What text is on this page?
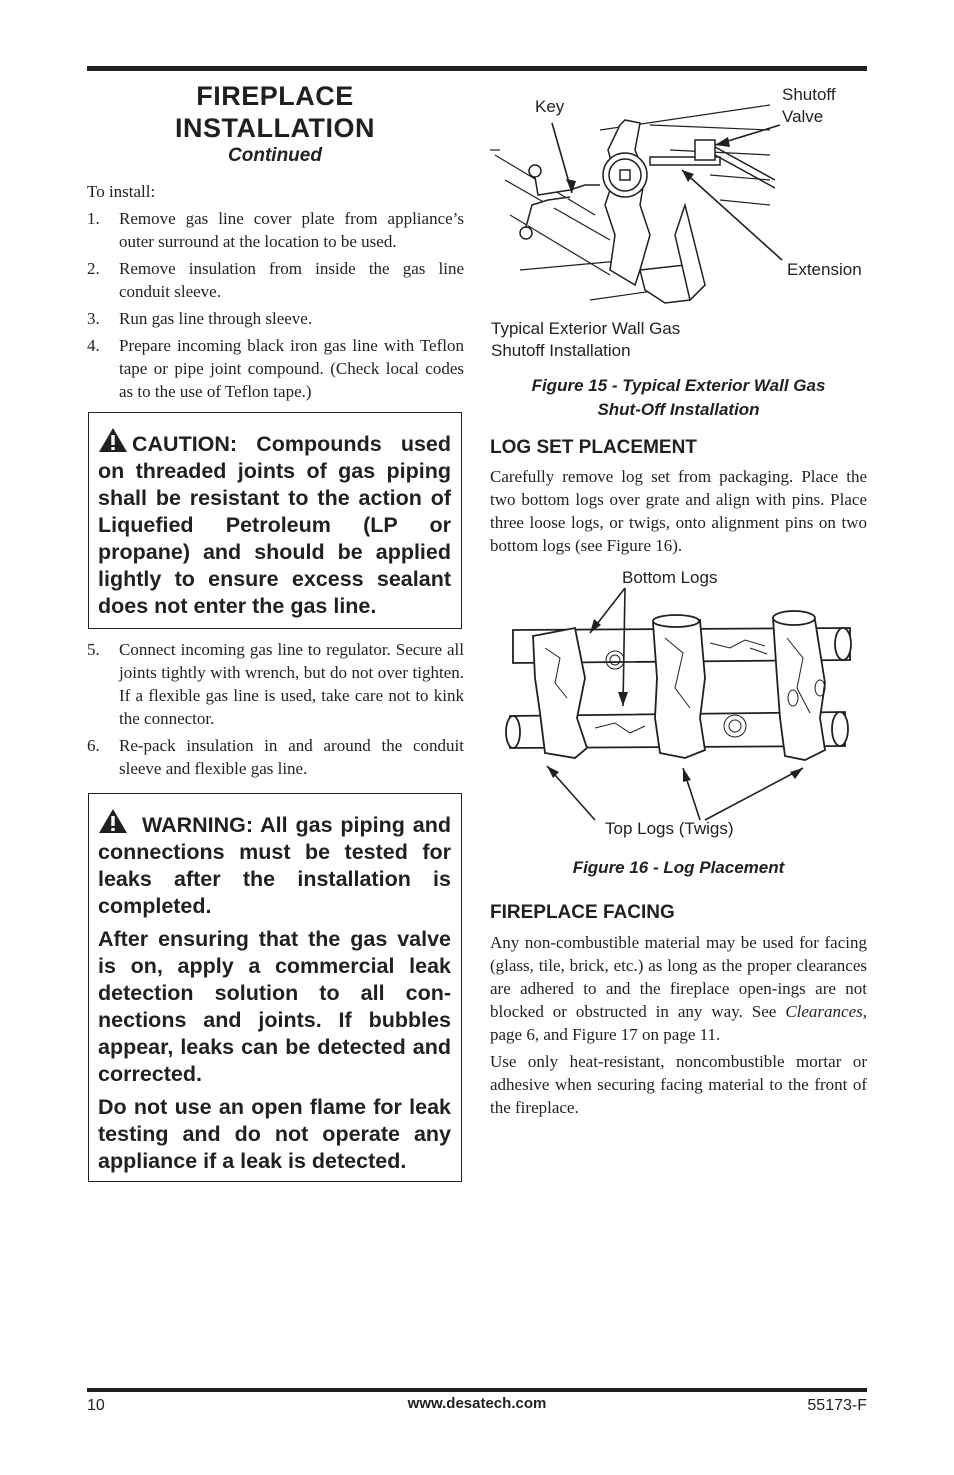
FIREPLACE
INSTALLATION
Continued
To install:
1. Remove gas line cover plate from appliance’s outer surround at the location to be used.
2. Remove insulation from inside the gas line conduit sleeve.
3. Run gas line through sleeve.
4. Prepare incoming black iron gas line with Teflon tape or pipe joint compound. (Check local codes as to the use of Teflon tape.)

CAUTION: Compounds used on threaded joints of gas piping shall be resistant to the action of Liquefied Petroleum (LP or propane) and should be applied lightly to ensure excess sealant does not enter the gas line.

5. Connect incoming gas line to regulator. Secure all joints tightly with wrench, but do not over tighten. If a flexible gas line is used, take care not to kink the connector.
6. Re-pack insulation in and around the conduit sleeve and flexible gas line.

WARNING: All gas piping and connections must be tested for leaks after the installation is completed.

After ensuring that the gas valve is on, apply a commercial leak detection solution to all con-nections and joints. If bubbles appear, leaks can be detected and corrected.

Do not use an open flame for leak testing and do not operate any appliance if a leak is detected.

Key
Shutoff
Valve
Extension
Typical Exterior Wall Gas
Shutoff Installation
Figure 15 - Typical Exterior Wall Gas
Shut-Off Installation
LOG SET PLACEMENT

Carefully remove log set from packaging. Place the two bottom logs over grate and align with pins. Place three loose logs, or twigs, onto alignment pins on two bottom logs (see Figure 16).

Bottom Logs
Top Logs (Twigs)
Figure 16 - Log Placement
FIREPLACE FACING

Any non-combustible material may be used for facing (glass, tile, brick, etc.) as long as the proper clearances are adhered to and the fireplace open-ings are not blocked or obstructed in any way. See Clearances, page 6, and Figure 17 on page 11.

Use only heat-resistant, noncombustible mortar or adhesive when securing facing material to the front of the fireplace.

10	www.desatech.com	55173-F
